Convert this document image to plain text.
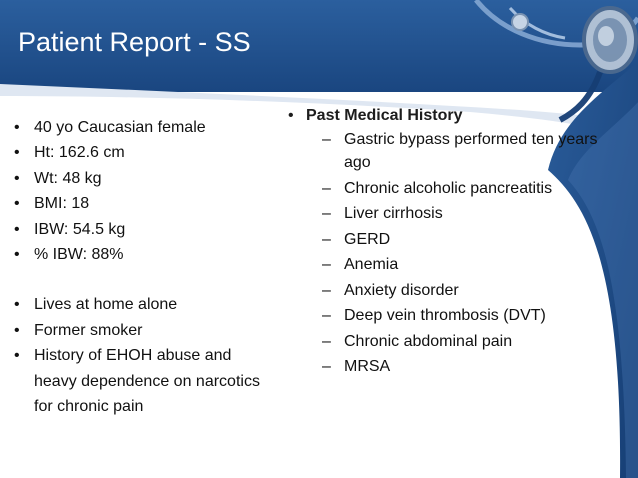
Patient Report - SS
• 40 yo Caucasian female
• Ht: 162.6 cm
• Wt: 48 kg
• BMI: 18
• IBW: 54.5 kg
• % IBW: 88%
• Lives at home alone
• Former smoker
• History of EHOH abuse and heavy dependence on narcotics for chronic pain
• Past Medical History
– Gastric bypass performed ten years ago
– Chronic alcoholic pancreatitis
– Liver cirrhosis
– GERD
– Anemia
– Anxiety disorder
– Deep vein thrombosis (DVT)
– Chronic abdominal pain
– MRSA
